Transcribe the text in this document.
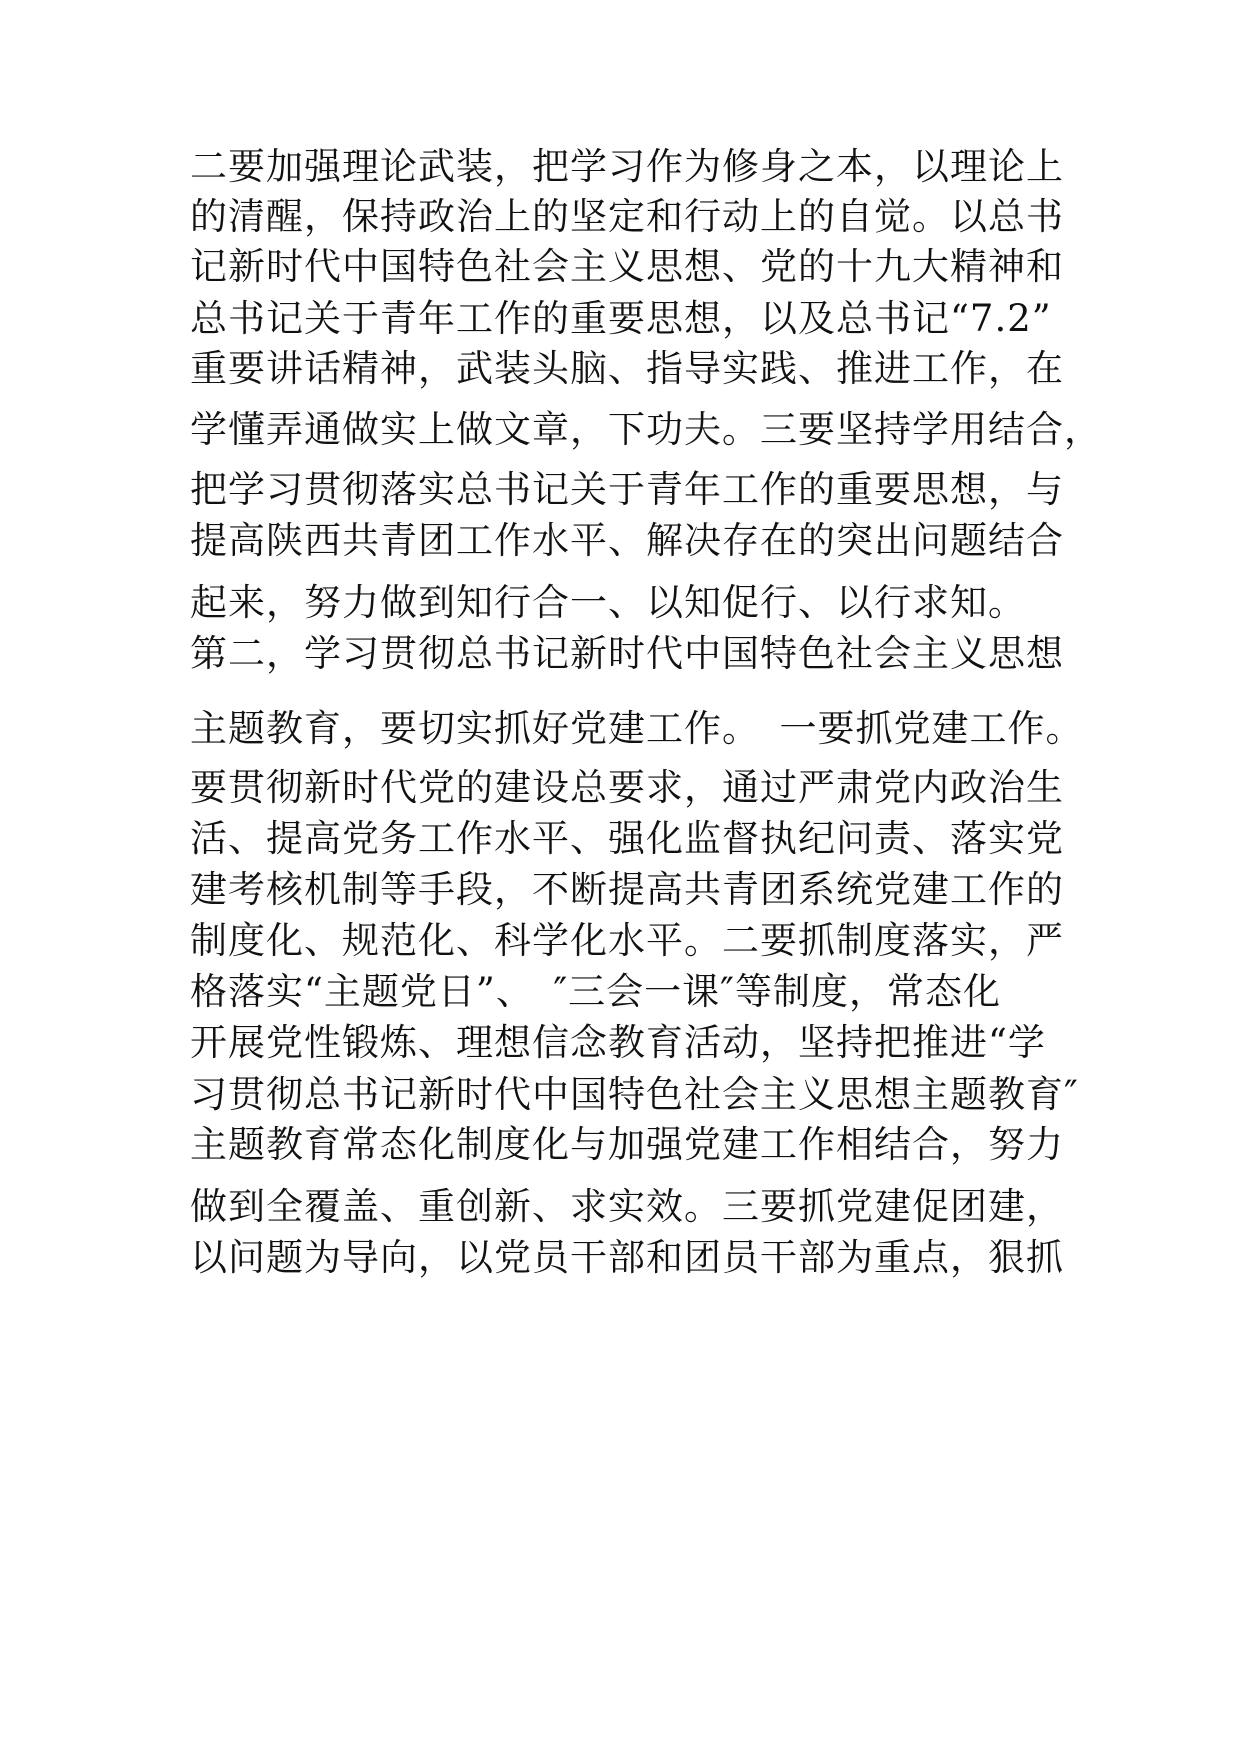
二要加强理论武装，把学习作为修身之本，以理论上
的清醒，保持政治上的坚定和行动上的自觉。以总书
记新时代中国特色社会主义思想、党的十九大精神和
总书记关于青年工作的重要思想，以及总书记“7.2”
重要讲话精神，武装头脑、指导实践、推进工作，在
学懂弄通做实上做文章，下功夫。三要坚持学用结合，
把学习贯彻落实总书记关于青年工作的重要思想，与
提高陕西共青团工作水平、解决存在的突出问题结合
起来，努力做到知行合一、以知促行、以行求知。
第二，学习贯彻总书记新时代中国特色社会主义思想
主题教育，要切实抓好党建工作。　一要抓党建工作。
要贯彻新时代党的建设总要求，通过严肃党内政治生
活、提高党务工作水平、强化监督执纪问责、落实党
建考核机制等手段，不断提高共青团系统党建工作的
制度化、规范化、科学化水平。二要抓制度落实，严
格落实“主题党日”、　″三会一课″等制度，常态化
开展党性锻炼、理想信念教育活动，坚持把推进“学
习贯彻总书记新时代中国特色社会主义思想主题教育″
主题教育常态化制度化与加强党建工作相结合，努力
做到全覆盖、重创新、求实效。三要抓党建促团建，
以问题为导向，以党员干部和团员干部为重点，狠抓
